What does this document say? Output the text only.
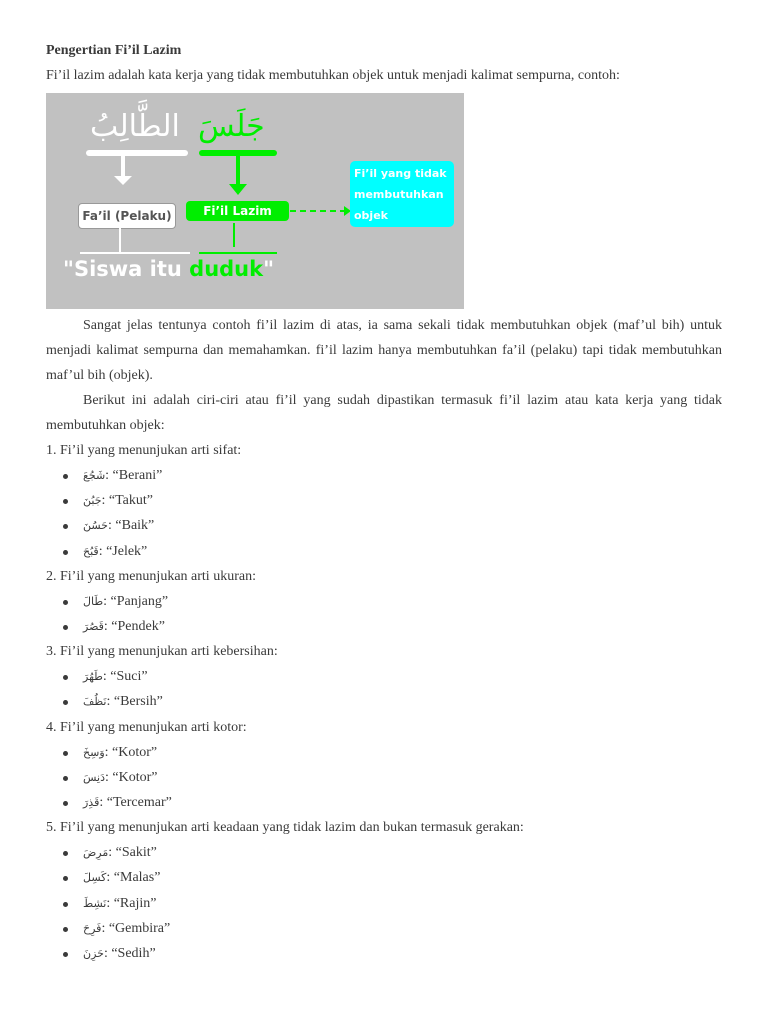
Pengertian Fi’il Lazim

Fi’il lazim adalah kata kerja yang tidak membutuhkan objek untuk menjadi kalimat sempurna, contoh:

الطَّالِبُ جَلَسَ
Fa’il (Pelaku)	Fi’il Lazim
Fi’il yang tidak membutuhkan objek
"Siswa itu duduk"

Sangat jelas tentunya contoh fi’il lazim di atas, ia sama sekali tidak membutuhkan objek (maf’ul bih) untuk menjadi kalimat sempurna dan memahamkan. fi’il lazim hanya membutuhkan fa’il (pelaku) tapi tidak membutuhkan maf’ul bih (objek).

Berikut ini adalah ciri-ciri atau fi’il yang sudah dipastikan termasuk fi’il lazim atau kata kerja yang tidak membutuhkan objek:

1. Fi’il yang menunjukan arti sifat:

شَجُعَ: “Berani”
جَبُنَ: “Takut”
حَسُنَ: “Baik”
قَبُحَ: “Jelek”

2. Fi’il yang menunjukan arti ukuran:

طَالَ: “Panjang”
قَصُرَ: “Pendek”

3. Fi’il yang menunjukan arti kebersihan:

طَهُرَ: “Suci”
نَظُفَ: “Bersih”

4. Fi’il yang menunjukan arti kotor:

وَسِخَ: “Kotor”
دَنِسَ: “Kotor”
قَذِرَ: “Tercemar”

5. Fi’il yang menunjukan arti keadaan yang tidak lazim dan bukan termasuk gerakan:

مَرِضَ: “Sakit”
كَسِلَ: “Malas”
نَشِطَ: “Rajin”
فَرِحَ: “Gembira”
حَزِنَ: “Sedih”
